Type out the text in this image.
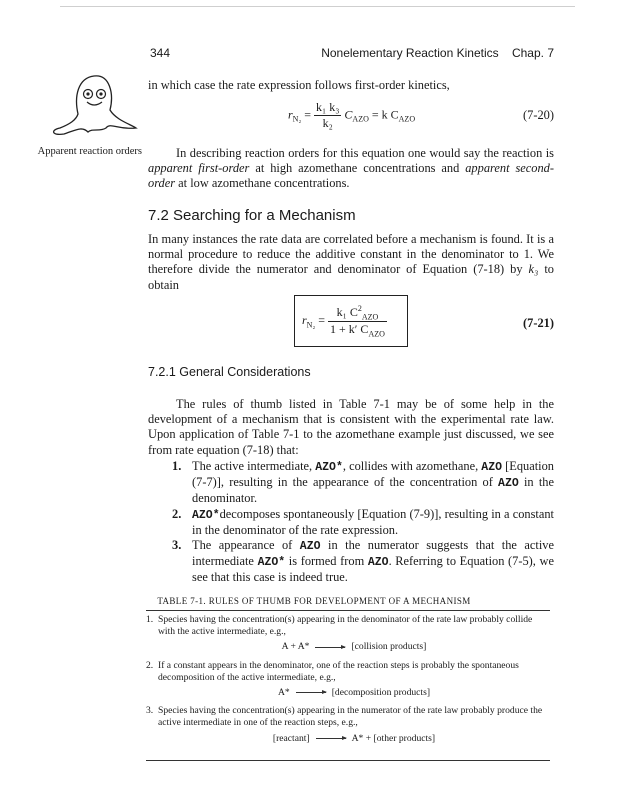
344	Nonelementary Reaction Kinetics Chap. 7
Apparent reaction orders
in which case the rate expression follows first-order kinetics,
$r_{N_2} = \frac{\text{k₁ k₃}}{\text{k₂}} C_{AZO} = k$ $C_{AZO}$	(7-20)
In describing reaction orders for this equation one would say the reaction is apparent first-order at high azomethane concentrations and apparent second-order at low azomethane concentrations.
7.2 Searching for a Mechanism
In many instances the rate data are correlated before a mechanism is found. It is a normal procedure to reduce the additive constant in the denominator to 1. We therefore divide the numerator and denominator of Equation (7-18) by k₃ to obtain
$r_{N_2} = \frac{k_1 C^2_{AZO}}{1 + k' C_{AZO}}$	(7-21)
7.2.1 General Considerations
The rules of thumb listed in Table 7-1 may be of some help in the development of a mechanism that is consistent with the experimental rate law. Upon application of Table 7-1 to the azomethane example just discussed, we see from rate equation (7-18) that:
1. The active intermediate, AZO*, collides with azomethane, AZO [Equation (7-7)], resulting in the appearance of the concentration of AZO in the denominator.
2. AZO*decomposes spontaneously [Equation (7-9)], resulting in a constant in the denominator of the rate expression.
3. The appearance of AZO in the numerator suggests that the active intermediate AZO* is formed from AZO. Referring to Equation (7-5), we see that this case is indeed true.
TABLE 7-1. RULES OF THUMB FOR DEVELOPMENT OF A MECHANISM
1. Species having the concentration(s) appearing in the denominator of the rate law probably collide with the active intermediate, e.g.,
A + A*	[collision products]
2. If a constant appears in the denominator, one of the reaction steps is probably the spontaneous decomposition of the active intermediate, e.g.,
A*	[decomposition products]
3. Species having the concentration(s) appearing in the numerator of the rate law probably produce the active intermediate in one of the reaction steps, e.g.,
[reactant]	A* + [other products]
